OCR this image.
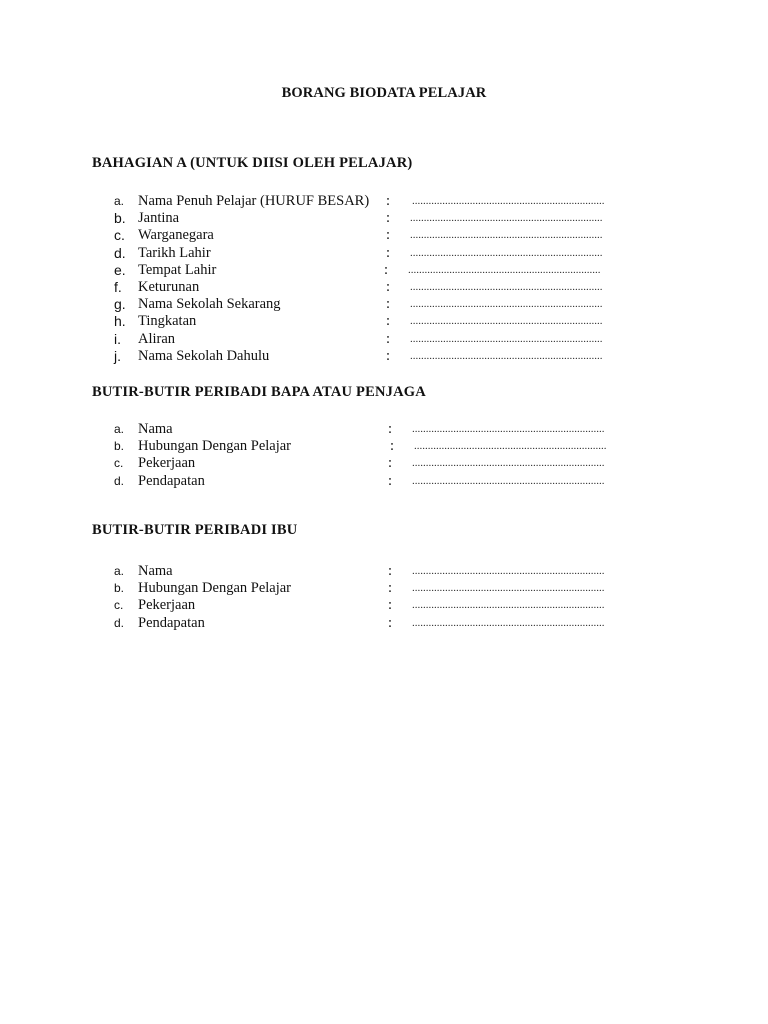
BORANG BIODATA PELAJAR
BAHAGIAN A (UNTUK DIISI OLEH PELAJAR)
a. Nama Penuh Pelajar (HURUF BESAR) : ......................................................................
b. Jantina	: ......................................................................
c. Warganegara	: ......................................................................
d. Tarikh Lahir	: ......................................................................
e. Tempat Lahir	: ......................................................................
f. Keturunan	: ......................................................................
g. Nama Sekolah Sekarang	: ......................................................................
h. Tingkatan	: ......................................................................
i. Aliran	: ......................................................................
j. Nama Sekolah Dahulu	: ......................................................................
BUTIR-BUTIR PERIBADI BAPA ATAU PENJAGA
a. Nama	: ......................................................................
b. Hubungan Dengan Pelajar	: ......................................................................
c. Pekerjaan	: ......................................................................
d. Pendapatan	: ......................................................................
BUTIR-BUTIR PERIBADI IBU
a. Nama	: ......................................................................
b. Hubungan Dengan Pelajar	: ......................................................................
c. Pekerjaan	: ......................................................................
d. Pendapatan	: ......................................................................
